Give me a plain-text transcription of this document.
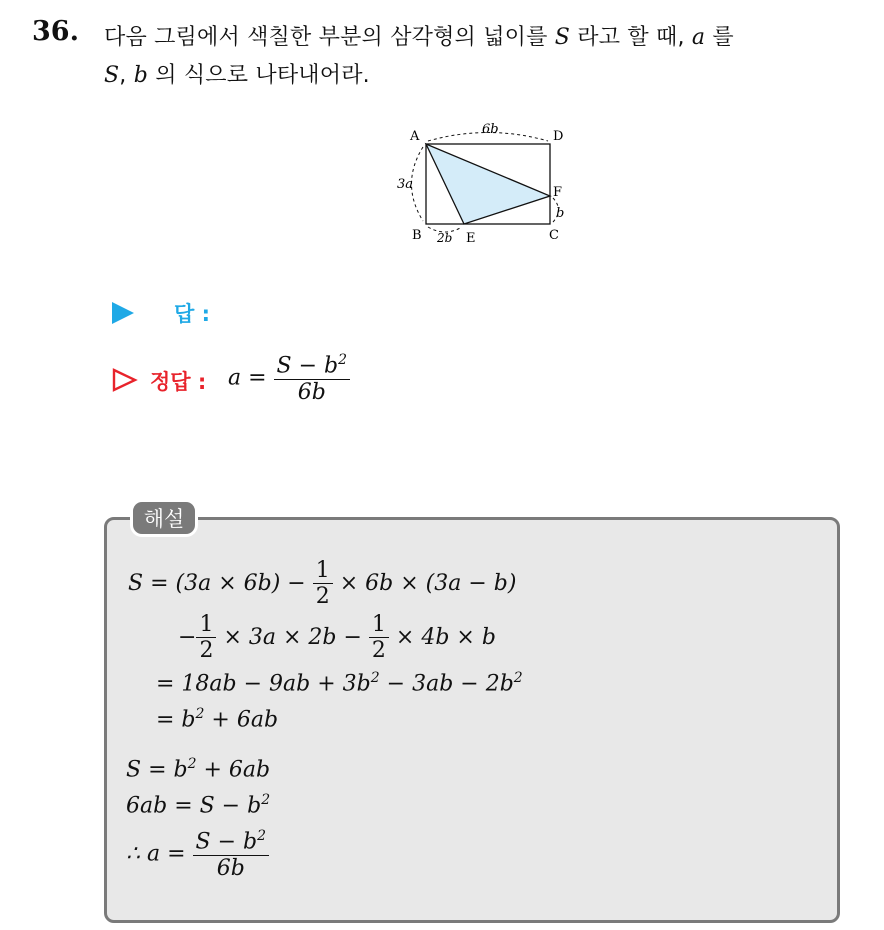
36. 다음 그림에서 색칠한 부분의 삼각형의 넓이를 S 라고 할 때, a 를
S, b 의 식으로 나타내어라.
A	D
B	C
E
F
6b
3a
2b
b
답 :
정답 : $a = \frac{S - b^2}{6b}$
해설
$S = (3a \times 6b) - \frac{1}{2} \times 6b \times (3a - b)$
− $\frac{1}{2} \times 3a \times 2b - \frac{1}{2} \times 4b \times b$
= $18ab - 9ab + 3b^2 - 3ab - 2b^2$
= $b^2 + 6ab$
$S = b^2 + 6ab$
$6ab = S - b^2$
∴ $a = \frac{S - b^2}{6b}$
